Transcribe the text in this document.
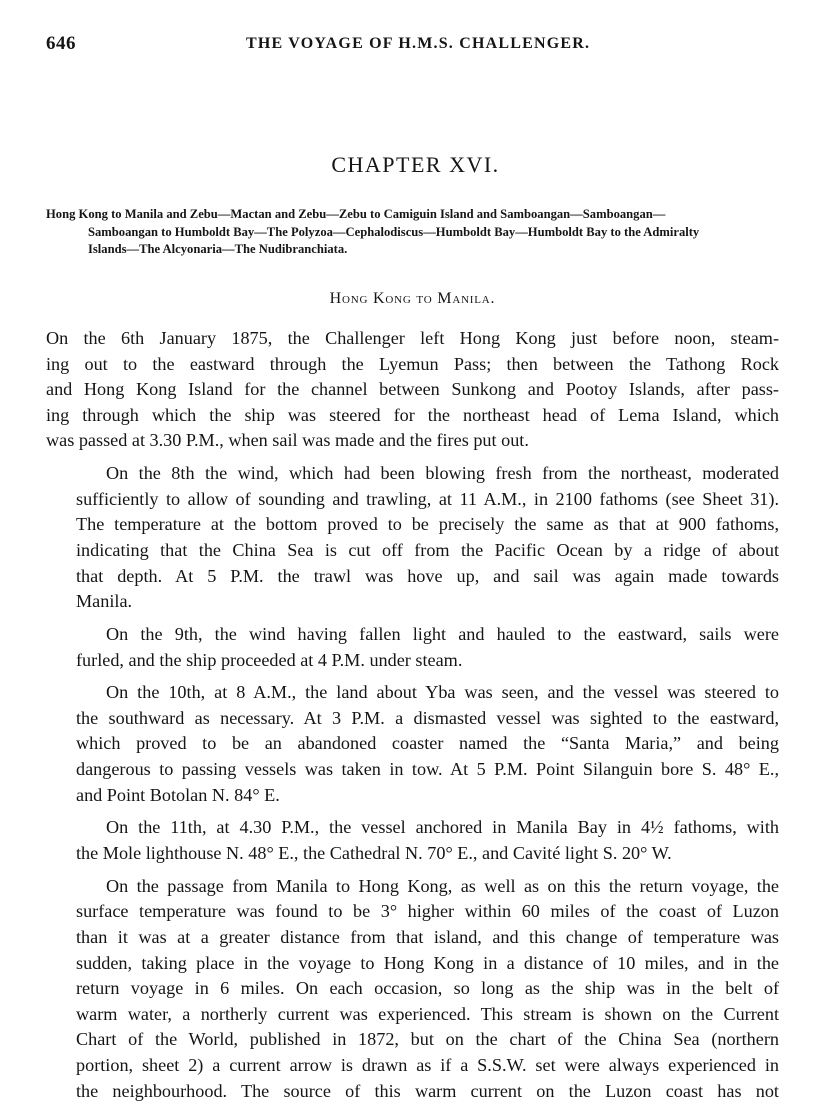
646	THE VOYAGE OF H.M.S. CHALLENGER.
CHAPTER XVI.
Hong Kong to Manila and Zebu—Mactan and Zebu—Zebu to Camiguin Island and Samboangan—Samboangan—
Samboangan to Humboldt Bay—The Polyzoa—Cephalodiscus—Humboldt Bay—Humboldt Bay to the Admiralty
Islands—The Alcyonaria—The Nudibranchiata.
Hong Kong to Manila.
On the 6th January 1875, the Challenger left Hong Kong just before noon, steam-
ing out to the eastward through the Lyemun Pass; then between the Tathong Rock
and Hong Kong Island for the channel between Sunkong and Pootoy Islands, after pass-
ing through which the ship was steered for the northeast head of Lema Island, which
was passed at 3.30 P.M., when sail was made and the fires put out.
On the 8th the wind, which had been blowing fresh from the northeast, moderated
sufficiently to allow of sounding and trawling, at 11 A.M., in 2100 fathoms (see Sheet 31).
The temperature at the bottom proved to be precisely the same as that at 900 fathoms,
indicating that the China Sea is cut off from the Pacific Ocean by a ridge of about
that depth. At 5 P.M. the trawl was hove up, and sail was again made towards
Manila.
On the 9th, the wind having fallen light and hauled to the eastward, sails were
furled, and the ship proceeded at 4 P.M. under steam.
On the 10th, at 8 A.M., the land about Yba was seen, and the vessel was steered to
the southward as necessary. At 3 P.M. a dismasted vessel was sighted to the eastward,
which proved to be an abandoned coaster named the “Santa Maria,” and being
dangerous to passing vessels was taken in tow. At 5 P.M. Point Silanguin bore S. 48° E.,
and Point Botolan N. 84° E.
On the 11th, at 4.30 P.M., the vessel anchored in Manila Bay in 4½ fathoms, with
the Mole lighthouse N. 48° E., the Cathedral N. 70° E., and Cavité light S. 20° W.
On the passage from Manila to Hong Kong, as well as on this the return voyage, the
surface temperature was found to be 3° higher within 60 miles of the coast of Luzon
than it was at a greater distance from that island, and this change of temperature was
sudden, taking place in the voyage to Hong Kong in a distance of 10 miles, and in the
return voyage in 6 miles. On each occasion, so long as the ship was in the belt of
warm water, a northerly current was experienced. This stream is shown on the Current
Chart of the World, published in 1872, but on the chart of the China Sea (northern
portion, sheet 2) a current arrow is drawn as if a S.S.W. set were always experienced in
the neighbourhood. The source of this warm current on the Luzon coast has not
